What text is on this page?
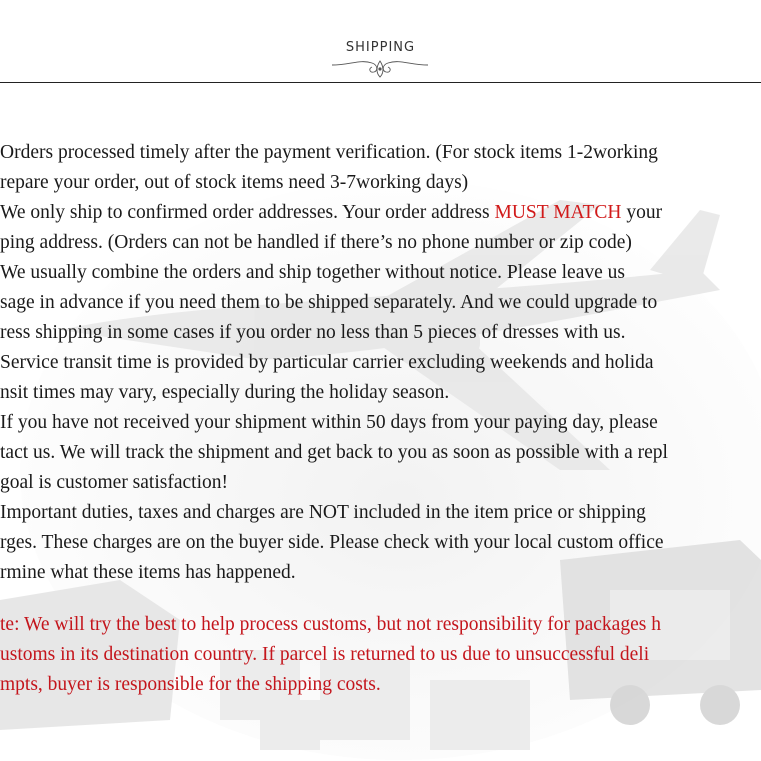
SHIPPING
Orders processed timely after the payment verification. (For stock items 1-2working
repare your order, out of stock items need 3-7working days)
We only ship to confirmed order addresses. Your order address MUST MATCH your
ping address. (Orders can not be handled if there’s no phone number or zip code)
We usually combine the orders and ship together without notice. Please leave us
sage in advance if you need them to be shipped separately. And we could upgrade to
ress shipping in some cases if you order no less than 5 pieces of dresses with us.
Service transit time is provided by particular carrier excluding weekends and holida
nsit times may vary, especially during the holiday season.
If you have not received your shipment within 50 days from your paying day, please
tact us. We will track the shipment and get back to you as soon as possible with a repl
goal is customer satisfaction!
Important duties, taxes and charges are NOT included in the item price or shipping
rges. These charges are on the buyer side. Please check with your local custom office
rmine what these items has happened.
te: We will try the best to help process customs, but not responsibility for packages h
ustoms in its destination country. If parcel is returned to us due to unsuccessful deli
mpts, buyer is responsible for the shipping costs.
